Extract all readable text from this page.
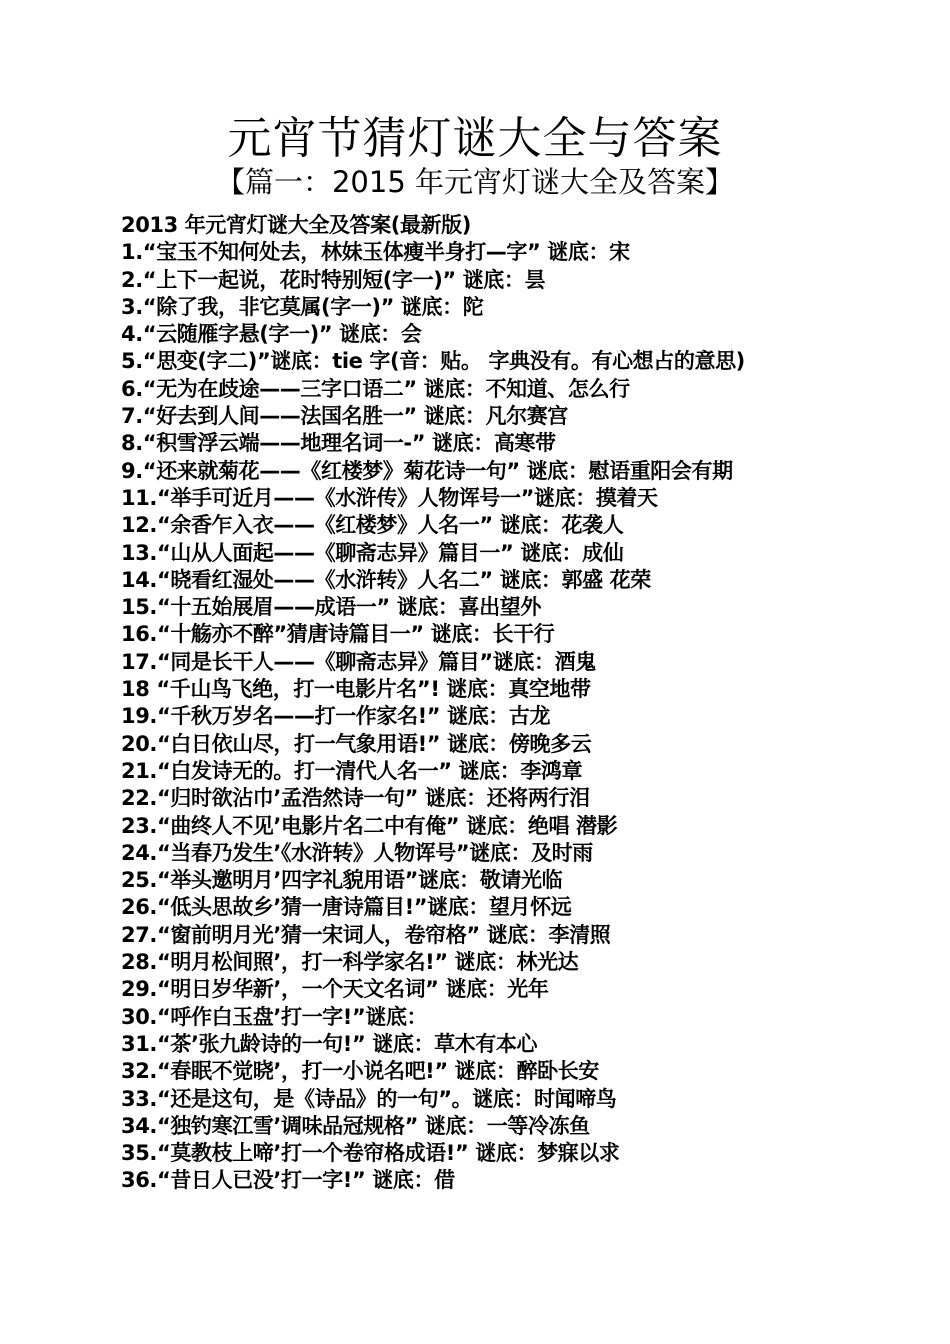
元宵节猜灯谜大全与答案
【篇一：2015 年元宵灯谜大全及答案】
2013 年元宵灯谜大全及答案(最新版)
1.“宝玉不知何处去，林妹玉体瘦半身打—字” 谜底：宋
2.“上下一起说，花时特别短(字一)” 谜底：昙
3.“除了我，非它莫属(字一)” 谜底：陀
4.“云随雁字悬(字一)” 谜底：会
5.“思变(字二)”谜底：tie 字(音：贴。 字典没有。有心想占的意思)
6.“无为在歧途——三字口语二” 谜底：不知道、怎么行
7.“好去到人间——法国名胜一” 谜底：凡尔赛宫
8.“积雪浮云端——地理名词一-” 谜底：高寒带
9.“还来就菊花——《红楼梦》菊花诗一句” 谜底：慰语重阳会有期
11.“举手可近月——《水浒传》人物诨号一”谜底：摸着天
12.“余香乍入衣——《红楼梦》人名一” 谜底：花袭人
13.“山从人面起——《聊斋志异》篇目一” 谜底：成仙
14.“晓看红湿处——《水浒转》人名二” 谜底：郭盛 花荣
15.“十五始展眉——成语一” 谜底：喜出望外
16.“十觞亦不醉”猜唐诗篇目一” 谜底：长干行
17.“同是长干人——《聊斋志异》篇目”谜底：酒鬼
18 “千山鸟飞绝，打一电影片名”! 谜底：真空地带
19.“千秋万岁名——打一作家名!” 谜底：古龙
20.“白日依山尽，打一气象用语!” 谜底：傍晚多云
21.“白发诗无的。打一清代人名一” 谜底：李鸿章
22.“归时欲沾巾’孟浩然诗一句” 谜底：还将两行泪
23.“曲终人不见’电影片名二中有俺” 谜底：绝唱 潜影
24.“当春乃发生’《水浒转》人物诨号”谜底：及时雨
25.“举头邀明月’四字礼貌用语”谜底：敬请光临
26.“低头思故乡’猜一唐诗篇目!”谜底：望月怀远
27.“窗前明月光’猜一宋词人，卷帘格” 谜底：李清照
28.“明月松间照’，打一科学家名!” 谜底：林光达
29.“明日岁华新’，一个天文名词” 谜底：光年
30.“呼作白玉盘’打一字!”谜底：
31.“茶’张九龄诗的一句!” 谜底：草木有本心
32.“春眠不觉晓’，打一小说名吧!” 谜底：醉卧长安
33.“还是这句，是《诗品》的一句”。谜底：时闻啼鸟
34.“独钓寒江雪’调味品冠规格” 谜底：一等冷冻鱼
35.“莫教枝上啼’打一个卷帘格成语!” 谜底：梦寐以求
36.“昔日人已没’打一字!” 谜底：借
